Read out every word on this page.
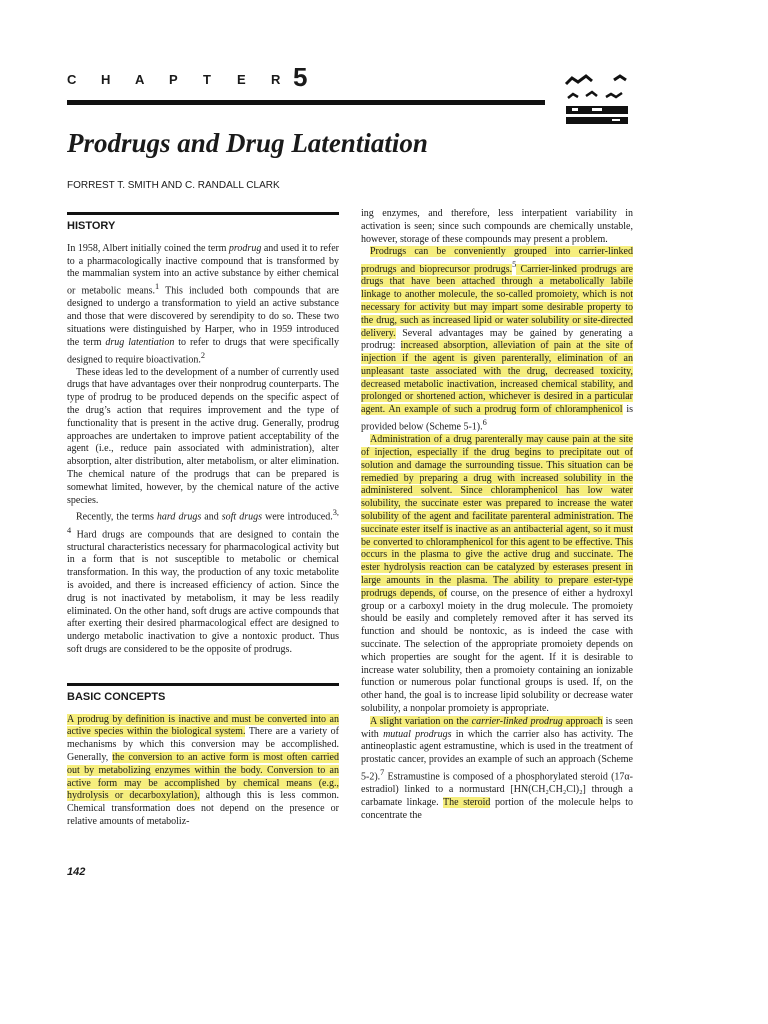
C H A P T E R 5
Prodrugs and Drug Latentiation
FORREST T. SMITH AND C. RANDALL CLARK
HISTORY

In 1958, Albert initially coined the term prodrug and used it to refer to a pharmacologically inactive compound that is transformed by the mammalian system into an active substance by either chemical or metabolic means.$^1$ This included both compounds that are designed to undergo a transformation to yield an active substance and those that were discovered by serendipity to do so. These two situations were distinguished by Harper, who in 1959 introduced the term drug latentiation to refer to drugs that were specifically designed to require bioactivation.$^2$

These ideas led to the development of a number of currently used drugs that have advantages over their nonprodrug counterparts. The type of prodrug to be produced depends on the specific aspect of the drug’s action that requires improvement and the type of functionality that is present in the active drug. Generally, prodrug approaches are undertaken to improve patient acceptability of the agent (i.e., reduce pain associated with administration), alter absorption, alter distribution, alter metabolism, or alter elimination. The chemical nature of the prodrugs that can be prepared is somewhat limited, however, by the chemical nature of the active species.

Recently, the terms hard drugs and soft drugs were introduced.$^{3, 4}$ Hard drugs are compounds that are designed to contain the structural characteristics necessary for pharmacological activity but in a form that is not susceptible to metabolic or chemical transformation. In this way, the production of any toxic metabolite is avoided, and there is increased efficiency of action. Since the drug is not inactivated by metabolism, it may be less readily eliminated. On the other hand, soft drugs are active compounds that after exerting their desired pharmacological effect are designed to undergo metabolic inactivation to give a nontoxic product. Thus soft drugs are considered to be the opposite of prodrugs.

BASIC CONCEPTS

A prodrug by definition is inactive and must be converted into an active species within the biological system. There are a variety of mechanisms by which this conversion may be accomplished. Generally, the conversion to an active form is most often carried out by metabolizing enzymes within the body. Conversion to an active form may be accomplished by chemical means (e.g., hydrolysis or decarboxylation), although this is less common. Chemical transformation does not depend on the presence or relative amounts of metaboliz-

ing enzymes, and therefore, less interpatient variability in activation is seen; since such compounds are chemically unstable, however, storage of these compounds may present a problem.

Prodrugs can be conveniently grouped into carrier-linked prodrugs and bioprecursor prodrugs.$^5$ Carrier-linked prodrugs are drugs that have been attached through a metabolically labile linkage to another molecule, the so-called promoiety, which is not necessary for activity but may impart some desirable property to the drug, such as increased lipid or water solubility or site-directed delivery. Several advantages may be gained by generating a prodrug: increased absorption, alleviation of pain at the site of injection if the agent is given parenterally, elimination of an unpleasant taste associated with the drug, decreased toxicity, decreased metabolic inactivation, increased chemical stability, and prolonged or shortened action, whichever is desired in a particular agent. An example of such a prodrug form of chloramphenicol is provided below (Scheme 5-1).$^6$

Administration of a drug parenterally may cause pain at the site of injection, especially if the drug begins to precipitate out of solution and damage the surrounding tissue. This situation can be remedied by preparing a drug with increased solubility in the administered solvent. Since chloramphenicol has low water solubility, the succinate ester was prepared to increase the water solubility of the agent and facilitate parenteral administration. The succinate ester itself is inactive as an antibacterial agent, so it must be converted to chloramphenicol for this agent to be effective. This occurs in the plasma to give the active drug and succinate. The ester hydrolysis reaction can be catalyzed by esterases present in large amounts in the plasma. The ability to prepare ester-type prodrugs depends, of course, on the presence of either a hydroxyl group or a carboxyl moiety in the drug molecule. The promoiety should be easily and completely removed after it has served its function and should be nontoxic, as is indeed the case with succinate. The selection of the appropriate promoiety depends on which properties are sought for the agent. If it is desirable to increase water solubility, then a promoiety containing an ionizable function or numerous polar functional groups is used. If, on the other hand, the goal is to increase lipid solubility or decrease water solubility, a nonpolar promoiety is appropriate.

A slight variation on the carrier-linked prodrug approach is seen with mutual prodrugs in which the carrier also has activity. The antineoplastic agent estramustine, which is used in the treatment of prostatic cancer, provides an example of such an approach (Scheme 5-2).$^7$ Estramustine is composed of a phosphorylated steroid (17α-estradiol) linked to a normustard [HN(CH₂CH₂Cl)₂] through a carbamate linkage. The steroid portion of the molecule helps to concentrate the

142
